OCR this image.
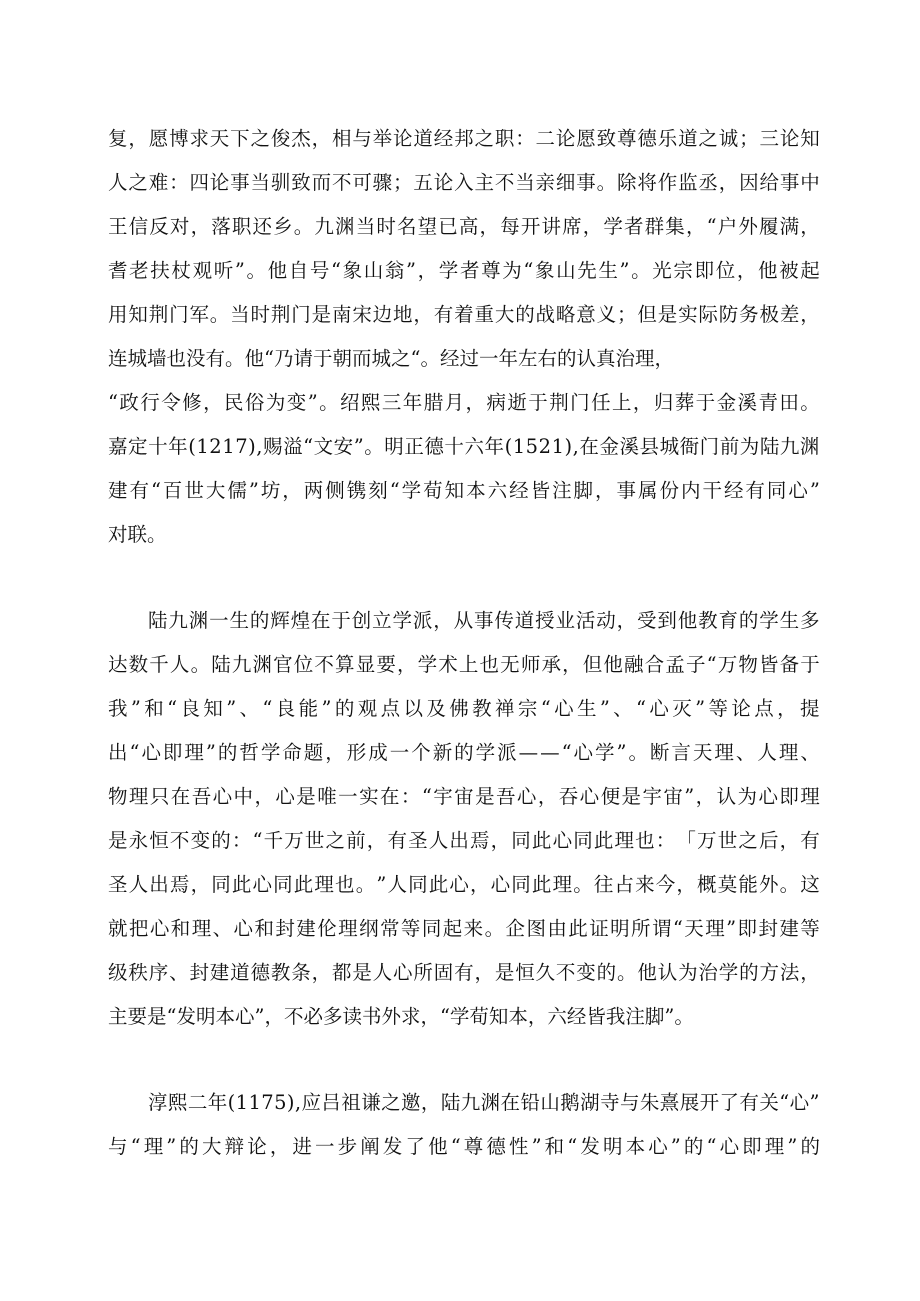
复 ， 愿 博 求 天 下 之 俊 杰 ， 相 与 举 论 道 经 邦 之 职 ： 二 论 愿 致 尊 德 乐 道 之 诚 ； 三 论 知
人 之 难 ： 四 论 事 当 驯 致 而 不 可 骤 ； 五 论 入 主 不 当 亲 细 事 。 除 将 作 监 丞 ， 因 给 事 中
王 信 反 对 ， 落 职 还 乡 。 九 渊 当 时 名 望 已 高 ， 每 开 讲 席 ， 学 者 群 集 ， “ 户 外 履 满 ，
耆 老 扶 杖 观 听 ” 。 他 自 号 “ 象 山 翁 ” ， 学 者 尊 为 “ 象 山 先 生 ” 。 光 宗 即 位 ， 他 被 起
用 知 荆 门 军 。 当 时 荆 门 是 南 宋 边 地 ， 有 着 重 大 的 战 略 意 义 ； 但 是 实 际 防 务 极 差 ，
连城墙也没有。他“乃请于朝而城之“。经过一年左右的认真治理，
“ 政 行 令 修 ， 民 俗 为 变 ” 。 绍 熙 三 年 腊 月 ， 病 逝 于 荆 门 任 上 ， 归 葬 于 金 溪 青 田 。
嘉 定 十 年 ( 1 2 1 7 ) , 赐 溢 “ 文 安 ” 。 明 正 德 十 六 年 ( 1 5 2 1 ) , 在 金 溪 县 城 衙 门 前 为 陆 九 渊
建 有 “ 百 世 大 儒 ” 坊 ， 两 侧 镌 刻 “ 学 荀 知 本 六 经 皆 注 脚 ， 事 属 份 内 干 经 有 同 心 ”
对联。
陆 九 渊 一 生 的 辉 煌 在 于 创 立 学 派 ， 从 事 传 道 授 业 活 动 ， 受 到 他 教 育 的 学 生 多
达 数 千 人 。 陆 九 渊 官 位 不 算 显 要 ， 学 术 上 也 无 师 承 ， 但 他 融 合 孟 子 “ 万 物 皆 备 于
我 ” 和 “ 良 知 ” 、 “ 良 能 ” 的 观 点 以 及 佛 教 禅 宗 “ 心 生 ” 、 “ 心 灭 ” 等 论 点 ， 提
出 “ 心 即 理 ” 的 哲 学 命 题 ， 形 成 一 个 新 的 学 派 — — “ 心 学 ” 。 断 言 天 理 、 人 理 、
物 理 只 在 吾 心 中 ， 心 是 唯 一 实 在 ： “ 宇 宙 是 吾 心 ， 吞 心 便 是 宇 宙 ” ， 认 为 心 即 理
是 永 恒 不 变 的 ： “ 千 万 世 之 前 ， 有 圣 人 出 焉 ， 同 此 心 同 此 理 也 ： 「 万 世 之 后 ， 有
圣 人 出 焉 ， 同 此 心 同 此 理 也 。 ” 人 同 此 心 ， 心 同 此 理 。 往 占 来 今 ， 概 莫 能 外 。 这
就 把 心 和 理 、 心 和 封 建 伦 理 纲 常 等 同 起 来 。 企 图 由 此 证 明 所 谓 “ 天 理 ” 即 封 建 等
级 秩 序 、 封 建 道 德 教 条 ， 都 是 人 心 所 固 有 ， 是 恒 久 不 变 的 。 他 认 为 治 学 的 方 法 ，
主要是“发明本心”，不必多读书外求，“学荀知本，六经皆我注脚”。
淳 熙 二 年 ( 1 1 7 5 ) , 应 吕 祖 谦 之 邀 ， 陆 九 渊 在 铅 山 鹅 湖 寺 与 朱 熹 展 开 了 有 关 “ 心 ”
与 “ 理 ” 的 大 辩 论 ， 进 一 步 阐 发 了 他 “ 尊 德 性 ” 和 “ 发 明 本 心 ” 的 “ 心 即 理 ” 的
